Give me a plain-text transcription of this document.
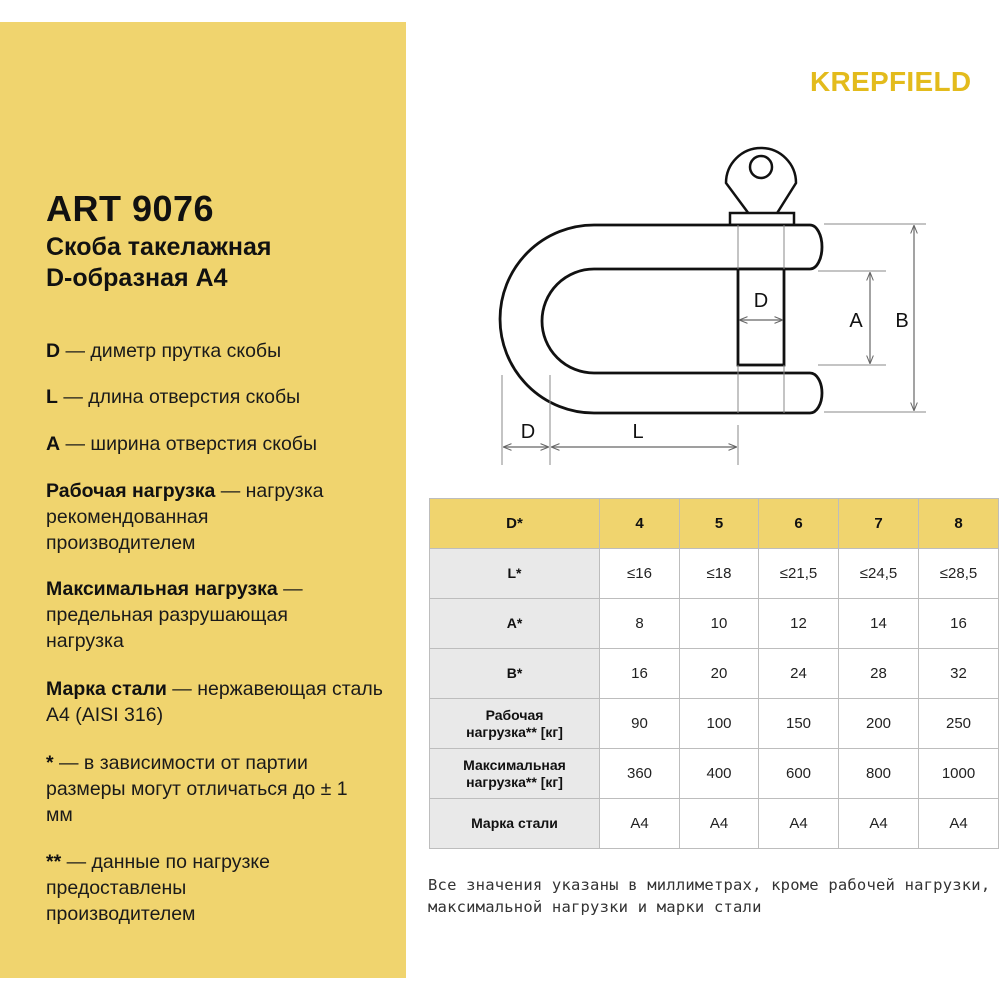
ART 9076
Скоба такелажная
D-образная А4
D — диметр прутка скобы
L — длина отверстия скобы
A — ширина отверстия скобы
Рабочая нагрузка — нагрузка рекомендованная производителем
Максимальная нагрузка — предельная разрушающая нагрузка
Марка стали — нержавеющая сталь А4 (AISI 316)
* — в зависимости от партии размеры могут отличаться до ± 1 мм
** — данные по нагрузке предоставлены производителем
KREPFIELD
D
A B
D	L
D*	4	5	6	7	8
L*	≤16	≤18	≤21,5	≤24,5	≤28,5
A*	8	10	12	14	16
B*	16	20	24	28	32

Рабочая
нагрузка** [кг]	90	100	150	200	250

Максимальная
нагрузка** [кг]	360	400	600	800	1000
Марка стали	А4	А4	А4	А4	А4
Все значения указаны в миллиметрах, кроме рабочей нагрузки, максимальной нагрузки и марки стали
